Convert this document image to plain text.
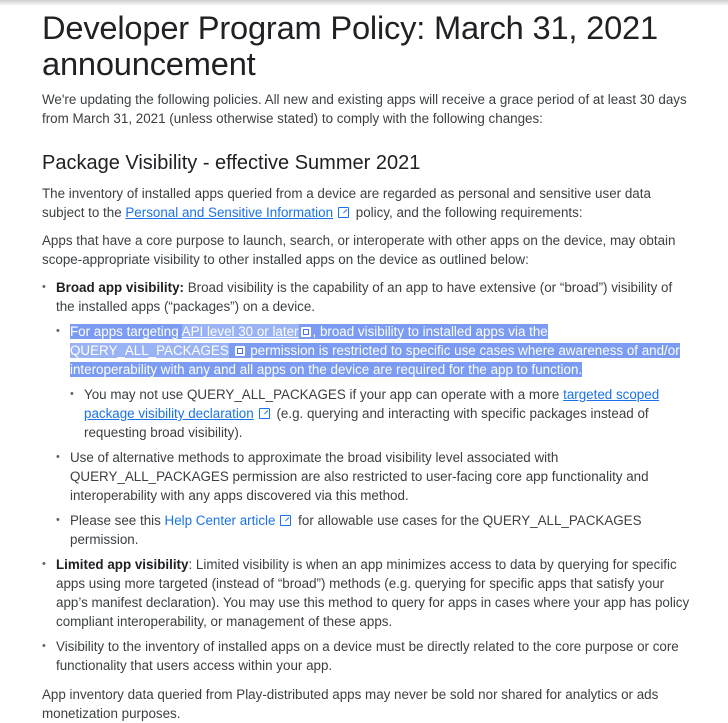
Developer Program Policy: March 31, 2021 announcement

We're updating the following policies. All new and existing apps will receive a grace period of at least 30 days from March 31, 2021 (unless otherwise stated) to comply with the following changes:

Package Visibility - effective Summer 2021

The inventory of installed apps queried from a device are regarded as personal and sensitive user data subject to the Personal and Sensitive Information policy, and the following requirements:

Apps that have a core purpose to launch, search, or interoperate with other apps on the device, may obtain scope-appropriate visibility to other installed apps on the device as outlined below:

• Broad app visibility: Broad visibility is the capability of an app to have extensive (or “broad”) visibility of the installed apps (“packages”) on a device.
• For apps targeting API level 30 or later , broad visibility to installed apps via the QUERY_ALL_PACKAGES  permission is restricted to specific use cases where awareness of and/or interoperability with any and all apps on the device are required for the app to function.
• You may not use QUERY_ALL_PACKAGES if your app can operate with a more targeted scoped package visibility declaration (e.g. querying and interacting with specific packages instead of requesting broad visibility).
• Use of alternative methods to approximate the broad visibility level associated with QUERY_ALL_PACKAGES permission are also restricted to user-facing core app functionality and interoperability with any apps discovered via this method.
• Please see this Help Center article for allowable use cases for the QUERY_ALL_PACKAGES permission.
• Limited app visibility: Limited visibility is when an app minimizes access to data by querying for specific apps using more targeted (instead of “broad”) methods (e.g. querying for specific apps that satisfy your app’s manifest declaration). You may use this method to query for apps in cases where your app has policy compliant interoperability, or management of these apps.
• Visibility to the inventory of installed apps on a device must be directly related to the core purpose or core functionality that users access within your app.

App inventory data queried from Play-distributed apps may never be sold nor shared for analytics or ads monetization purposes.
